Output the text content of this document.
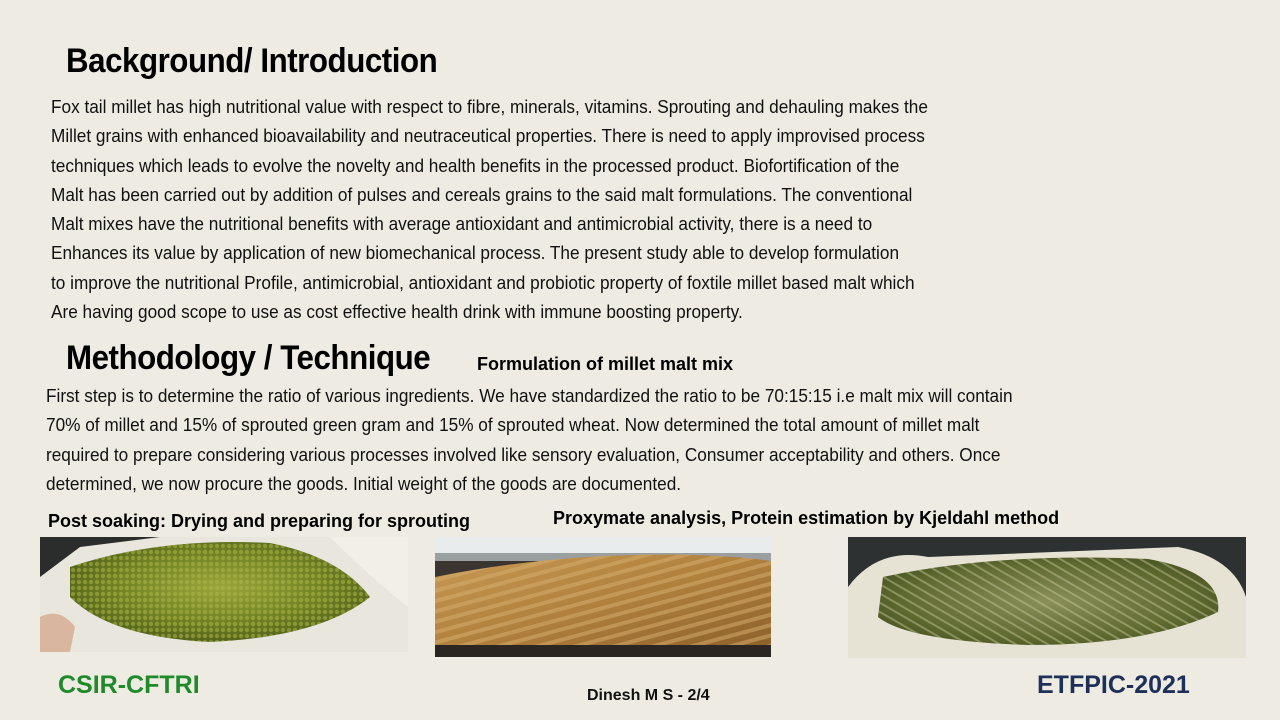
Background/ Introduction
Fox tail millet has high nutritional value with respect to fibre, minerals, vitamins. Sprouting and dehauling makes the
Millet grains with enhanced bioavailability and neutraceutical properties. There is need to apply improvised process
techniques which leads to evolve the novelty and health benefits in the processed product. Biofortification of the
Malt has been carried out by addition of pulses and cereals grains to the said malt formulations. The conventional
Malt mixes have the nutritional benefits with average antioxidant and antimicrobial activity, there is a need to
Enhances its value by application of new biomechanical process. The present study able to develop formulation
to improve the nutritional Profile, antimicrobial, antioxidant and probiotic property of foxtile millet based malt which
Are having good scope to use as cost effective health drink with immune boosting property.
Methodology / Technique	Formulation of millet malt mix
First step is to determine the ratio of various ingredients. We have standardized the ratio to be 70:15:15 i.e malt mix will contain
70% of millet and 15% of sprouted green gram and 15% of sprouted wheat. Now determined the total amount of millet malt
required to prepare considering various processes involved like sensory evaluation, Consumer acceptability and others. Once
determined, we now procure the goods. Initial weight of the goods are documented.
Post soaking: Drying and preparing for sprouting	Proxymate analysis, Protein estimation by Kjeldahl method
CSIR-CFTRI	Dinesh M S - 2/4	ETFPIC-2021
